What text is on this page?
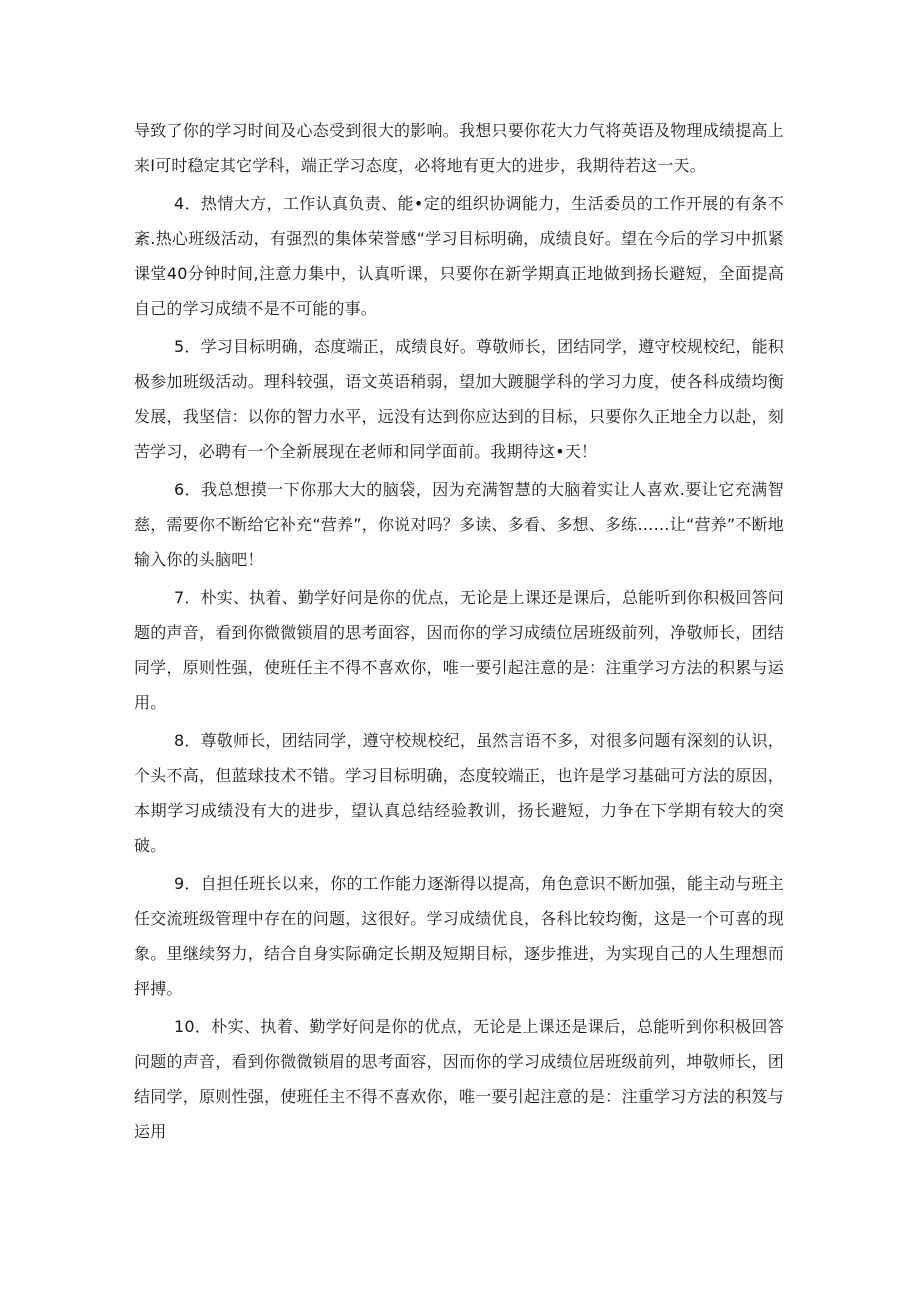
导致了你的学习时间及心态受到很大的影响。我想只要你花大力气将英语及物理成绩提高上来I可时稳定其它学科，端正学习态度，必将地有更大的进步，我期待若这一天。

4．热情大方，工作认真负责、能•定的组织协调能力，生活委员的工作开展的有条不紊.热心班级活动，有强烈的集体荣誉感“学习目标明确，成绩良好。望在今后的学习中抓紧课堂40分钟时间,注意力集中，认真听课，只要你在新学期真正地做到扬长避短，全面提高自己的学习成绩不是不可能的事。

5．学习目标明确，态度端正，成绩良好。尊敬师长，团结同学，遵守校规校纪，能积极参加班级活动。理科较强，语文英语稍弱，望加大踱腿学科的学习力度，使各科成绩均衡发展，我坚信：以你的智力水平，远没有达到你应达到的目标，只要你久正地全力以赴，刻苦学习，必聘有一个全新展现在老师和同学面前。我期待这•天！

6．我总想摸一下你那大大的脑袋，因为充满智慧的大脑着实让人喜欢.要让它充满智慈，需要你不断给它补充“营养”，你说对吗？多读、多看、多想、多练……让“营养”不断地输入你的头脑吧！

7．朴实、执着、勤学好问是你的优点，无论是上课还是课后，总能听到你积极回答问题的声音，看到你微微锁眉的思考面容，因而你的学习成绩位居班级前列，净敬师长，团结同学，原则性强，使班任主不得不喜欢你，唯一要引起注意的是：注重学习方法的积累与运用。

8．尊敬师长，团结同学，遵守校规校纪，虽然言语不多，对很多问题有深刻的认识，个头不高，但蓝球技术不错。学习目标明确，态度较端正，也许是学习基础可方法的原因，本期学习成绩没有大的进步，望认真总结经验教训，扬长避短，力争在下学期有较大的突破。

9．自担任班长以来，你的工作能力逐渐得以提高，角色意识不断加强，能主动与班主任交流班级管理中存在的问题，这很好。学习成绩优良，各科比较均衡，这是一个可喜的现象。里继续努力，结合自身实际确定长期及短期目标，逐步推进，为实现自己的人生理想而抨搏。

10．朴实、执着、勤学好问是你的优点，无论是上课还是课后，总能听到你积极回答问题的声音，看到你微微锁眉的思考面容，因而你的学习成绩位居班级前列，坤敬师长，团结同学，原则性强，使班任主不得不喜欢你，唯一要引起注意的是：注重学习方法的积笈与运用
